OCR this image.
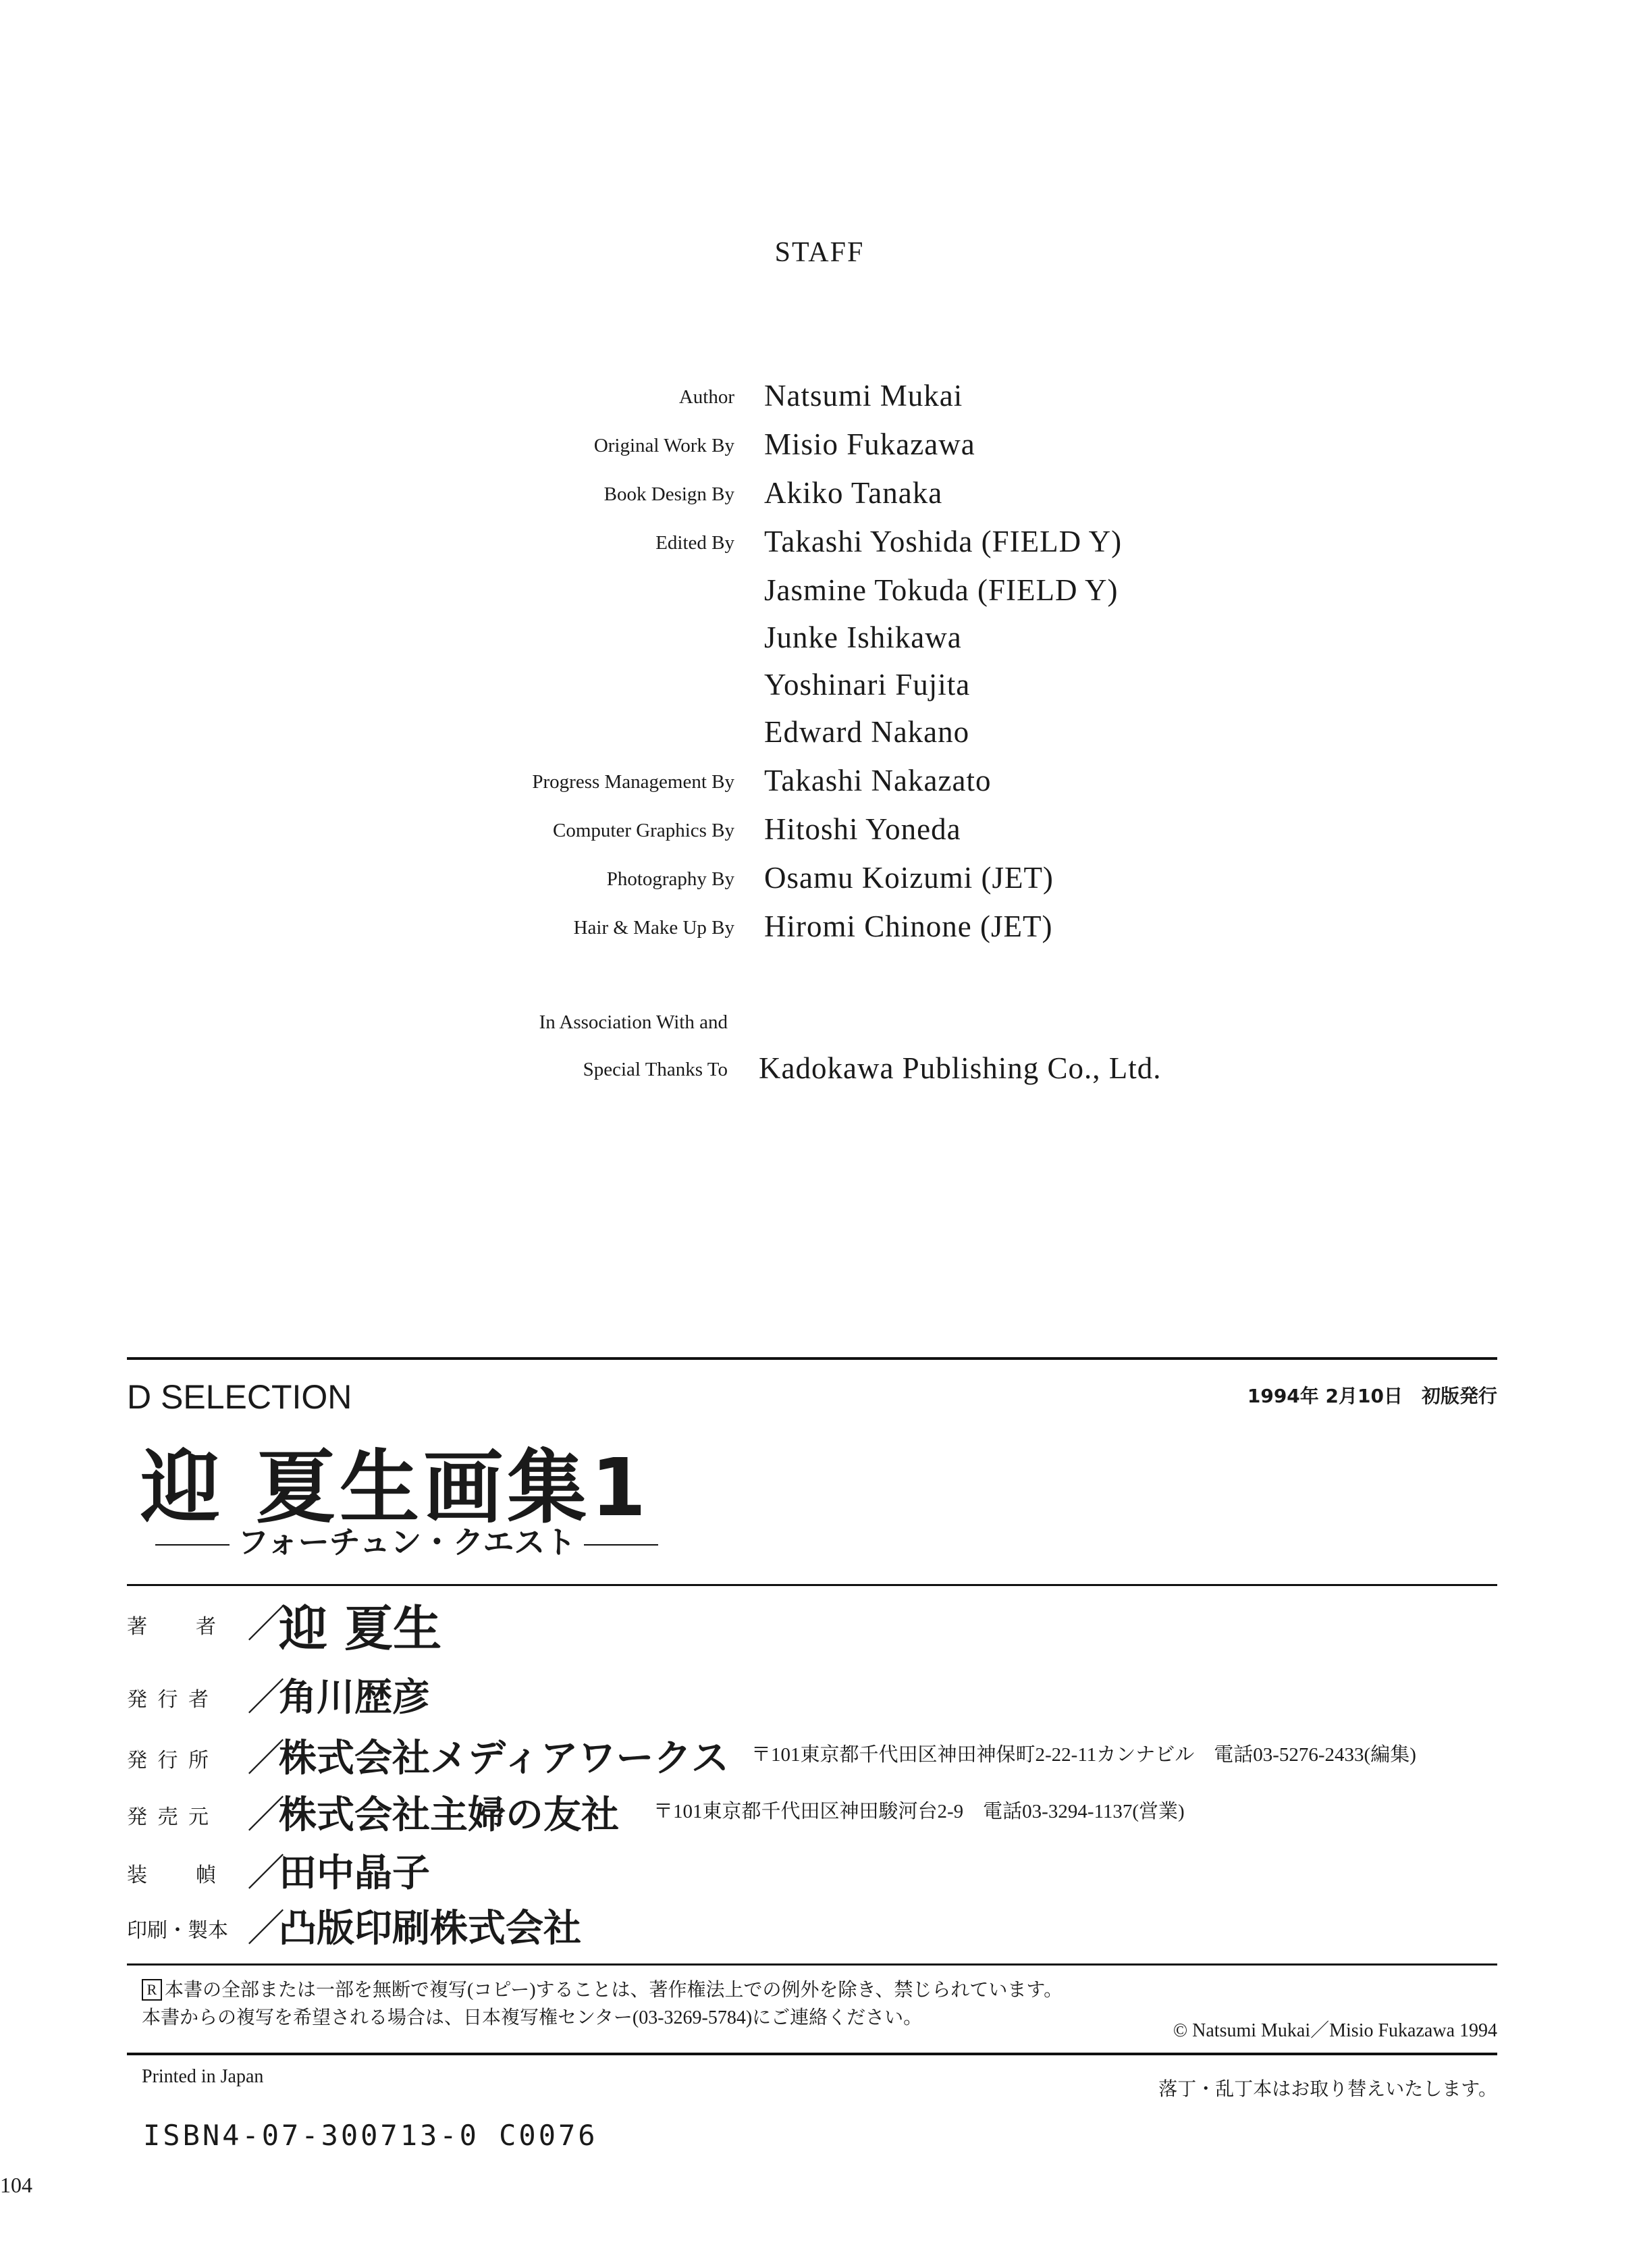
STAFF
Author Natsumi Mukai
Original Work By Misio Fukazawa
Book Design By Akiko Tanaka
Edited By Takashi Yoshida (FIELD Y)
Jasmine Tokuda (FIELD Y)
Junke Ishikawa
Yoshinari Fujita
Edward Nakano
Progress Management By Takashi Nakazato
Computer Graphics By Hitoshi Yoneda
Photography By Osamu Koizumi (JET)
Hair & Make Up By Hiromi Chinone (JET)
In Association With and
Special Thanks To Kadokawa Publishing Co., Ltd.
D SELECTION	1994年 2月10日　初版発行
迎 夏生画集1
フォーチュン・クエスト
著　　者 ／
迎 夏生
発 行 者 ／
角川歴彦
発 行 所 ／
株式会社メディアワークス 〒101東京都千代田区神田神保町2-22-11カンナビル　電話03-5276-2433(編集)
発 売 元 ／
株式会社主婦の友社 〒101東京都千代田区神田駿河台2-9　電話03-3294-1137(営業)
装　　幀 ／
田中晶子
印刷・製本 ／
凸版印刷株式会社
R 本書の全部または一部を無断で複写(コピー)することは、著作権法上での例外を除き、禁じられています。
本書からの複写を希望される場合は、日本複写権センター(03-3269-5784)にご連絡ください。
© Natsumi Mukai／Misio Fukazawa 1994
Printed in Japan
落丁・乱丁本はお取り替えいたします。
ISBN4-07-300713-0 C0076
104
